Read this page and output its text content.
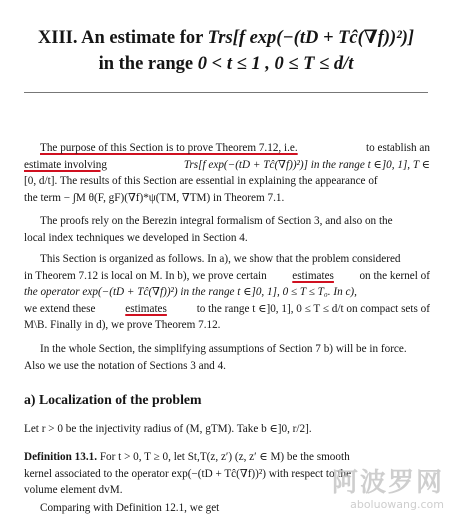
XIII. An estimate for Trs[f exp(−(tD + Tĉ(∇f))²)]
in the range 0 < t ≤ 1 , 0 ≤ T ≤ d/t
The purpose of this Section is to prove Theorem 7.12, i.e.	to establish an
estimate involving	Trs[f exp(−(tD + Tĉ(∇f))²)] in the range t ∈]0, 1], T ∈
[0, d/t]. The results of this Section are essential in explaining the appearance of
the term − ∫M θ(F, gF)(∇f)*ψ(TM, ∇TM) in Theorem 7.1.
The proofs rely on the Berezin integral formalism of Section 3, and also on the
local index techniques we developed in Section 4.
This Section is organized as follows. In a), we show that the problem considered
in Theorem 7.12 is local on M. In b), we prove certain estimates on the kernel of
the operator exp(−(tD + Tĉ(∇f))²) in the range t ∈]0, 1], 0 ≤ T ≤ T₀. In c),
we extend these	estimates	to the range t ∈]0, 1], 0 ≤ T ≤ d/t on compact sets of
M\B. Finally in d), we prove Theorem 7.12.
In the whole Section, the simplifying assumptions of Section 7 b) will be in force.
Also we use the notation of Sections 3 and 4.
a) Localization of the problem
Let r > 0 be the injectivity radius of (M, gTM). Take b ∈]0, r/2].
Definition 13.1. For t > 0, T ≥ 0, let St,T(z, z′) (z, z′ ∈ M) be the smooth
kernel associated to the operator exp(−(tD + Tĉ(∇f))²) with respect to the
volume element dvM.
Comparing with Definition 12.1, we get
阿波罗网
aboluowang.com
